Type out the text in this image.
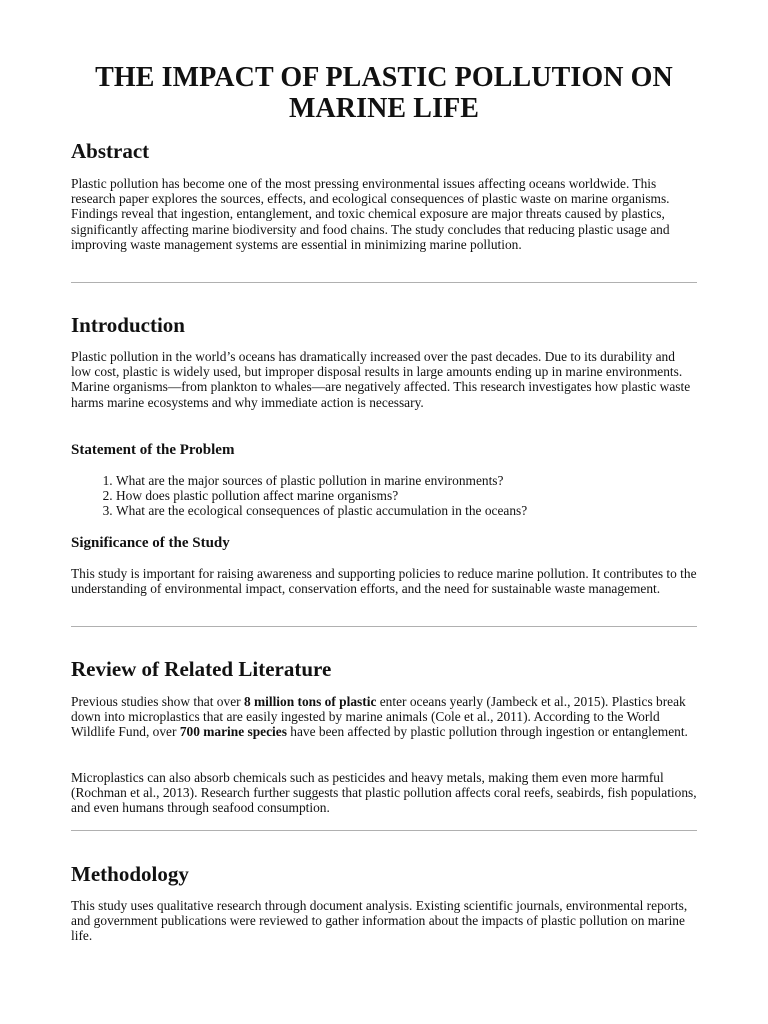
THE IMPACT OF PLASTIC POLLUTION ON MARINE LIFE
Abstract

Plastic pollution has become one of the most pressing environmental issues affecting oceans worldwide. This research paper explores the sources, effects, and ecological consequences of plastic waste on marine organisms. Findings reveal that ingestion, entanglement, and toxic chemical exposure are major threats caused by plastics, significantly affecting marine biodiversity and food chains. The study concludes that reducing plastic usage and improving waste management systems are essential in minimizing marine pollution.

Introduction

Plastic pollution in the world’s oceans has dramatically increased over the past decades. Due to its durability and low cost, plastic is widely used, but improper disposal results in large amounts ending up in marine environments. Marine organisms—from plankton to whales—are negatively affected. This research investigates how plastic waste harms marine ecosystems and why immediate action is necessary.

Statement of the Problem
1. What are the major sources of plastic pollution in marine environments?
2. How does plastic pollution affect marine organisms?
3. What are the ecological consequences of plastic accumulation in the oceans?
Significance of the Study

This study is important for raising awareness and supporting policies to reduce marine pollution. It contributes to the understanding of environmental impact, conservation efforts, and the need for sustainable waste management.

Review of Related Literature

Previous studies show that over 8 million tons of plastic enter oceans yearly (Jambeck et al., 2015). Plastics break down into microplastics that are easily ingested by marine animals (Cole et al., 2011). According to the World Wildlife Fund, over 700 marine species have been affected by plastic pollution through ingestion or entanglement.

Microplastics can also absorb chemicals such as pesticides and heavy metals, making them even more harmful (Rochman et al., 2013). Research further suggests that plastic pollution affects coral reefs, seabirds, fish populations, and even humans through seafood consumption.

Methodology

This study uses qualitative research through document analysis. Existing scientific journals, environmental reports, and government publications were reviewed to gather information about the impacts of plastic pollution on marine life.
